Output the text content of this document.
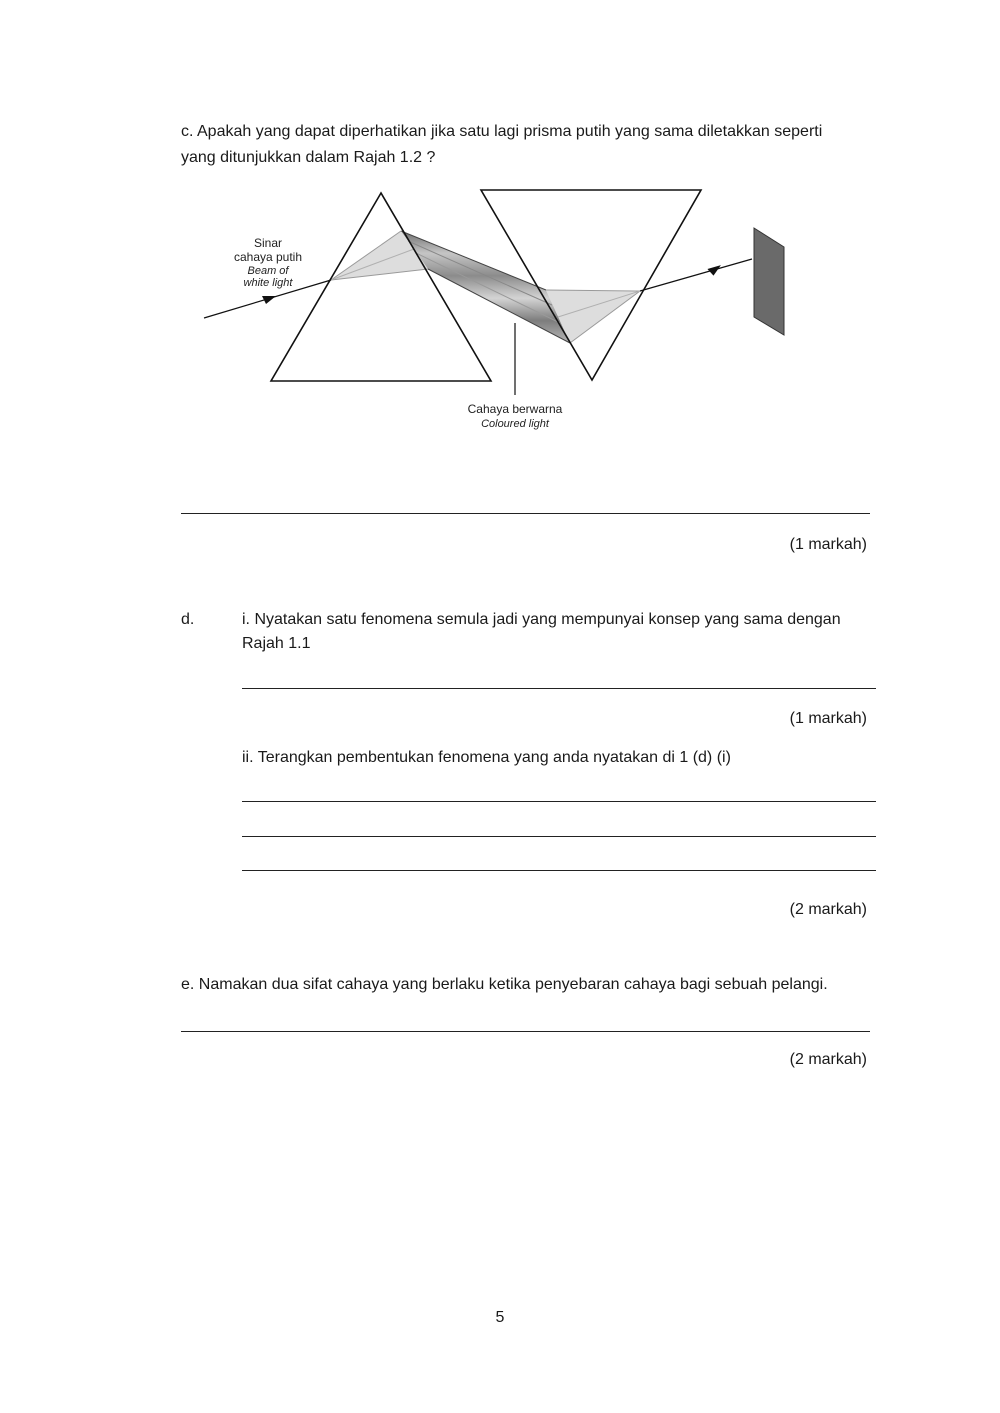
c. Apakah yang dapat diperhatikan jika satu lagi prisma putih yang sama diletakkan seperti
yang ditunjukkan dalam Rajah 1.2 ?
Sinar
cahaya putih
Beam of
white light
Cahaya berwarna
Coloured light
(1 markah)
d.	i. Nyatakan satu fenomena semula jadi yang mempunyai konsep yang sama dengan
Rajah 1.1
(1 markah)
ii. Terangkan pembentukan fenomena yang anda nyatakan di 1 (d) (i)
(2 markah)
e. Namakan dua sifat cahaya yang berlaku ketika penyebaran cahaya bagi sebuah pelangi.
(2 markah)
5
